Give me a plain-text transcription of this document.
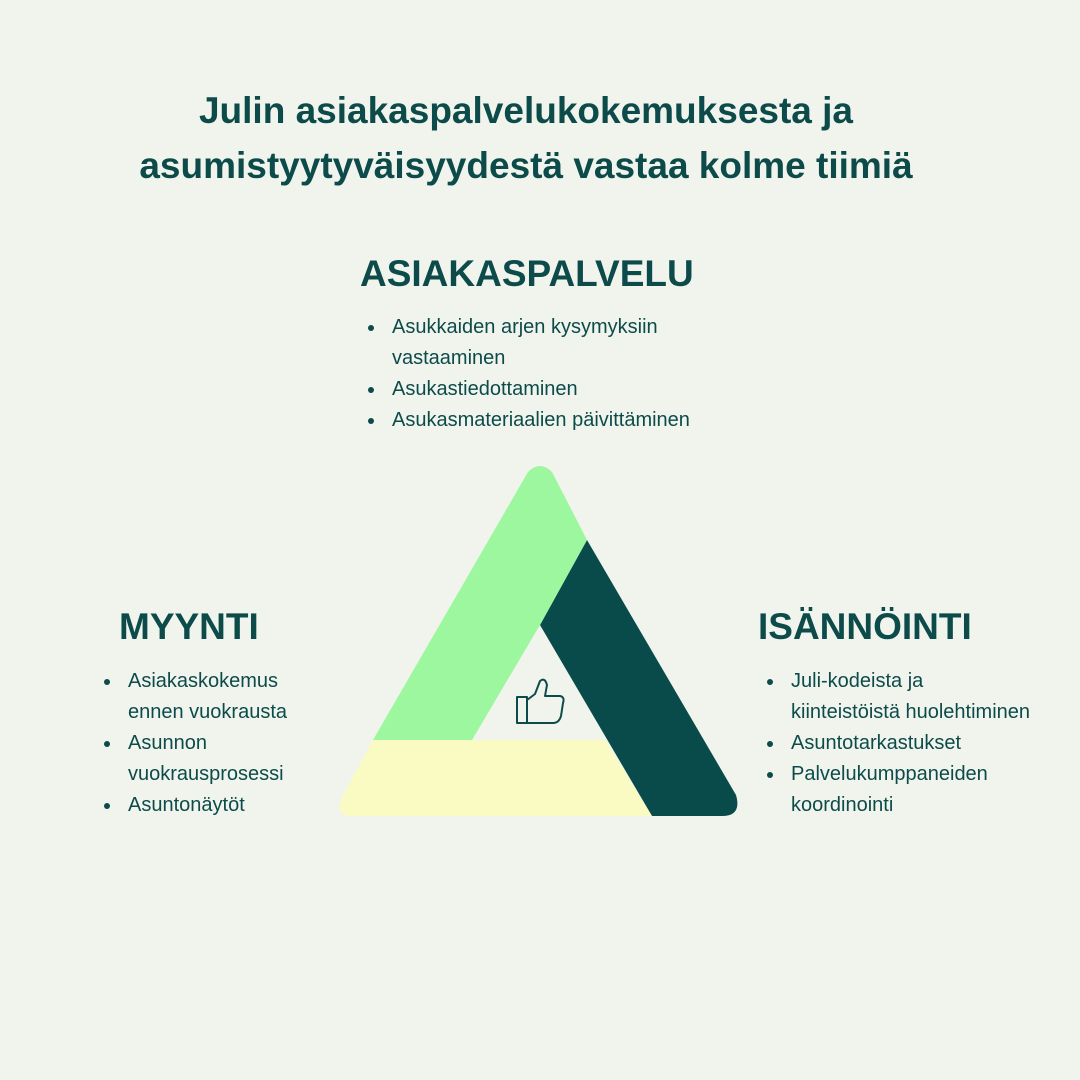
Julin asiakaspalvelukokemuksesta ja
asumistyytyväisyydestä vastaa kolme tiimiä
ASIAKASPALVELU
Asukkaiden arjen kysymyksiin vastaaminen
Asukastiedottaminen
Asukasmateriaalien päivittäminen
MYYNTI
Asiakaskokemus ennen vuokrausta
Asunnon vuokrausprosessi
Asuntonäytöt
ISÄNNÖINTI
Juli-kodeista ja kiinteistöistä huolehtiminen
Asuntotarkastukset
Palvelukumppaneiden koordinointi
